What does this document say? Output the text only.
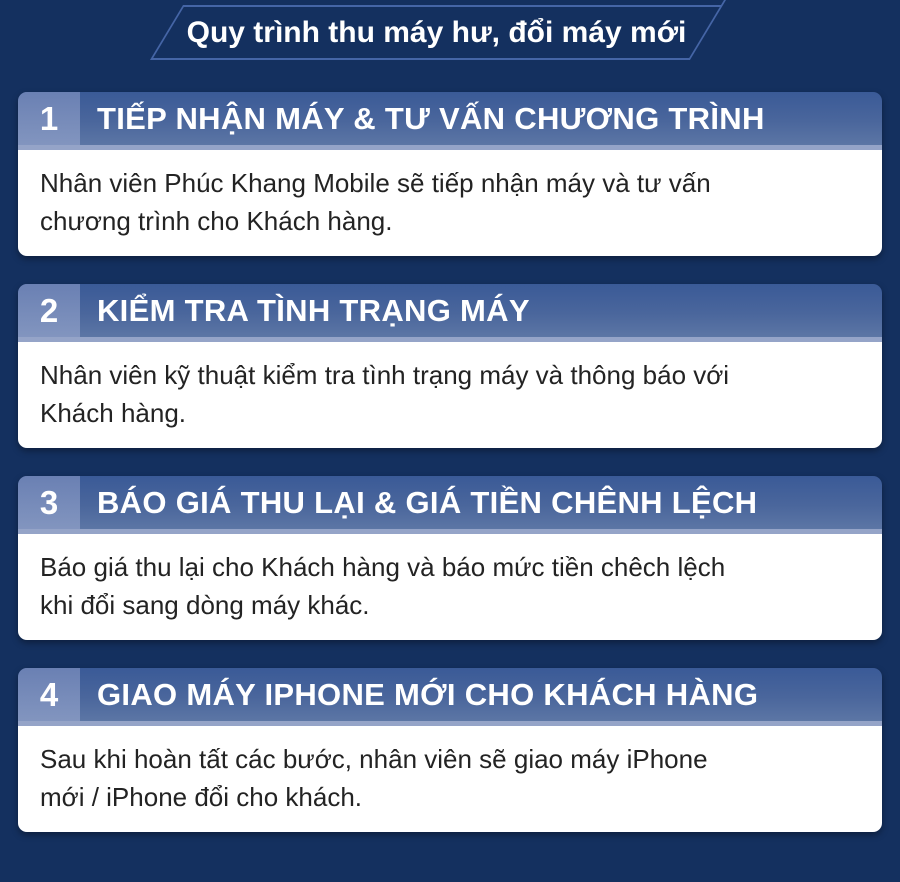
Quy trình thu máy hư, đổi máy mới
1	TIẾP NHẬN MÁY & TƯ VẤN CHƯƠNG TRÌNH

Nhân viên Phúc Khang Mobile sẽ tiếp nhận máy và tư vấn

chương trình cho Khách hàng.

2	KIỂM TRA TÌNH TRẠNG MÁY

Nhân viên kỹ thuật kiểm tra tình trạng máy và thông báo với

Khách hàng.

3	BÁO GIÁ THU LẠI & GIÁ TIỀN CHÊNH LỆCH

Báo giá thu lại cho Khách hàng và báo mức tiền chêch lệch

khi đổi sang dòng máy khác.

4	GIAO MÁY IPHONE MỚI CHO KHÁCH HÀNG

Sau khi hoàn tất các bước, nhân viên sẽ giao máy iPhone

mới / iPhone đổi cho khách.
